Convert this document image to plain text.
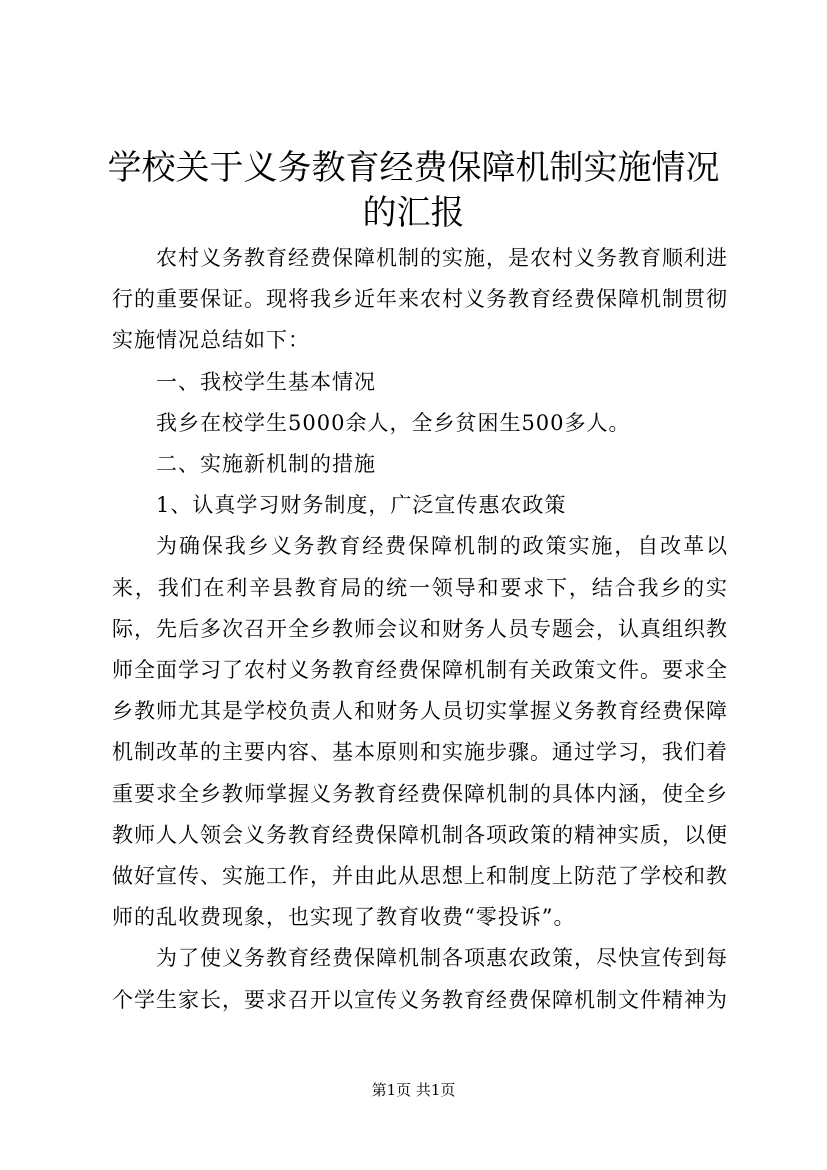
学校关于义务教育经费保障机制实施情况的汇报

农村义务教育经费保障机制的实施，是农村义务教育顺利进行的重要保证。现将我乡近年来农村义务教育经费保障机制贯彻实施情况总结如下：

一、我校学生基本情况

我乡在校学生5000余人，全乡贫困生500多人。

二、实施新机制的措施

1、认真学习财务制度，广泛宣传惠农政策

为确保我乡义务教育经费保障机制的政策实施，自改革以来，我们在利辛县教育局的统一领导和要求下，结合我乡的实际，先后多次召开全乡教师会议和财务人员专题会，认真组织教师全面学习了农村义务教育经费保障机制有关政策文件。要求全乡教师尤其是学校负责人和财务人员切实掌握义务教育经费保障机制改革的主要内容、基本原则和实施步骤。通过学习，我们着重要求全乡教师掌握义务教育经费保障机制的具体内涵，使全乡教师人人领会义务教育经费保障机制各项政策的精神实质，以便做好宣传、实施工作，并由此从思想上和制度上防范了学校和教师的乱收费现象，也实现了教育收费“零投诉”。

为了使义务教育经费保障机制各项惠农政策，尽快宣传到每个学生家长，要求召开以宣传义务教育经费保障机制文件精神为

第1页 共1页
